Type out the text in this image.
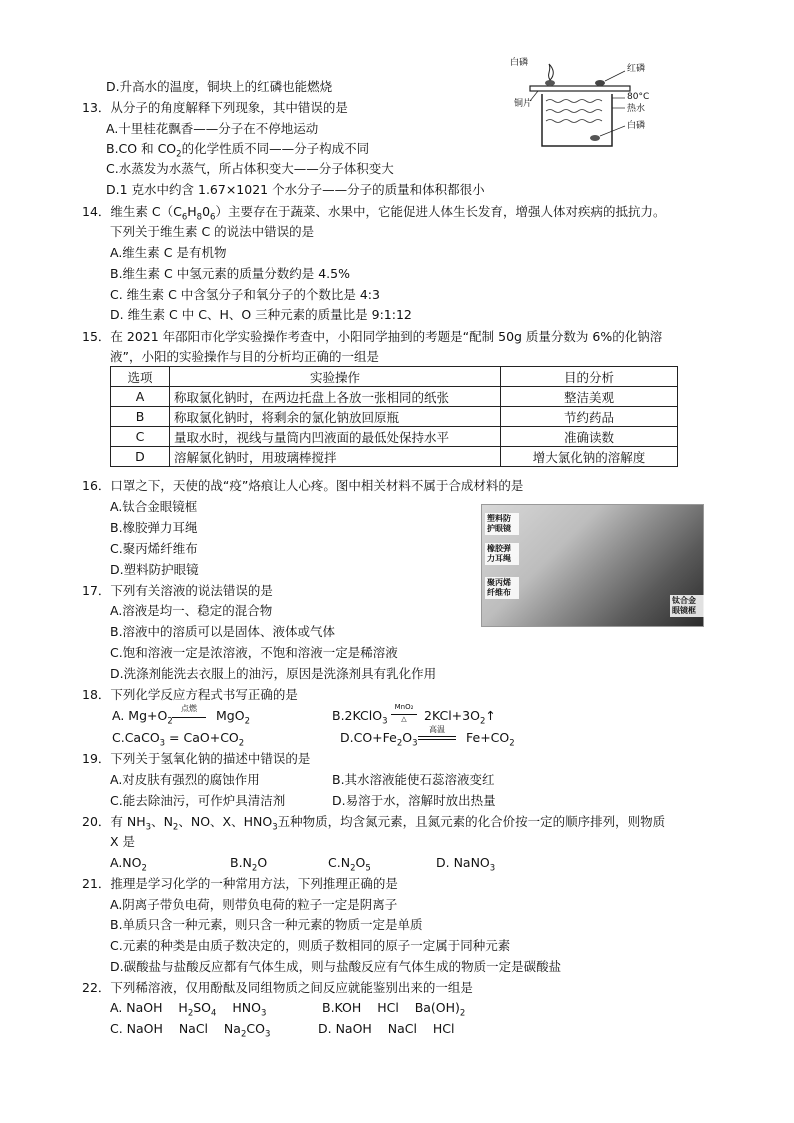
白磷
红磷
铜片
80°C
热水
白磷
D.升高水的温度，铜块上的红磷也能燃烧
13．从分子的角度解释下列现象，其中错误的是
A.十里桂花飘香——分子在不停地运动
B.CO 和 $CO_2$的化学性质不同——分子构成不同
C.水蒸发为水蒸气，所占体积变大——分子体积变大
D.1 克水中约含 1.67×1021 个水分子——分子的质量和体积都很小
14．维生素 $C(C_6H_80_6)$主要存在于蔬菜、水果中，它能促进人体生长发育，增强人体对疾病的抵抗力。
下列关于维生素 C 的说法中错误的是
A.维生素 C 是有机物
B.维生素 C 中氢元素的质量分数约是 4.5%
C. 维生素 C 中含氢分子和氧分子的个数比是 4:3
D. 维生素 C 中 C、H、O 三种元素的质量比是 9:1:12
15．在 2021 年邵阳市化学实验操作考查中，小阳同学抽到的考题是“配制 50g 质量分数为 6%的化钠溶
液”，小阳的实验操作与目的分析均正确的一组是
选项	实验操作	目的分析
A	称取氯化钠时，在两边托盘上各放一张相同的纸张	整洁美观
B	称取氯化钠时，将剩余的氯化钠放回原瓶	节约药品
C	量取水时，视线与量筒内凹液面的最低处保持水平	准确读数
D	溶解氯化钠时，用玻璃棒搅拌	增大氯化钠的溶解度
16．口罩之下，天使的战“疫”烙痕让人心疼。图中相关材料不属于合成材料的是
A.钛合金眼镜框
B.橡胶弹力耳绳
C.聚丙烯纤维布
D.塑料防护眼镜
塑料防护眼镜
橡胶弹力耳绳
聚丙烯纤维布
钛合金眼镜框
17．下列有关溶液的说法错误的是
A.溶液是均一、稳定的混合物
B.溶液中的溶质可以是固体、液体或气体
C.饱和溶液一定是浓溶液，不饱和溶液一定是稀溶液
D.洗涤剂能洗去衣服上的油污，原因是洗涤剂具有乳化作用
18．下列化学反应方程式书写正确的是
A. $Mg+O_2$
点燃	MgO$_2$	B.2KClO$_3$
MnO₂
△	$2KCl+3O_2↑$
C.CaCO$_3$ = $CaO+CO_2$	$D.CO+Fe_2O_3$
高温
$Fe+CO_2$
19．下列关于氢氧化钠的描述中错误的是
A.对皮肤有强烈的腐蚀作用	B.其水溶液能使石蕊溶液变红
C.能去除油污，可作炉具清洁剂	D.易溶于水，溶解时放出热量
20．有 $NH_3$、$N_2$、NO、X、$HNO_3$五种物质，均含氮元素，且氮元素的化合价按一定的顺序排列，则物质
X 是
$A.NO_2$	$B.N_2O$	$C.N_2O_5$	D. NaNO$_3$
21．推理是学习化学的一种常用方法，下列推理正确的是
A.阴离子带负电荷，则带负电荷的粒子一定是阴离子
B.单质只含一种元素，则只含一种元素的物质一定是单质
C.元素的种类是由质子数决定的，则质子数相同的原子一定属于同种元素
D.碳酸盐与盐酸反应都有气体生成，则与盐酸反应有气体生成的物质一定是碳酸盐
22．下列稀溶液，仅用酚酞及同组物质之间反应就能鉴别出来的一组是
A. NaOH    $H_2SO_4$    $HNO_3$	B.KOH    HCl    $Ba(OH)_2$
C. NaOH    NaCl    $Na_2CO_3$	D. NaOH    NaCl    HCl
